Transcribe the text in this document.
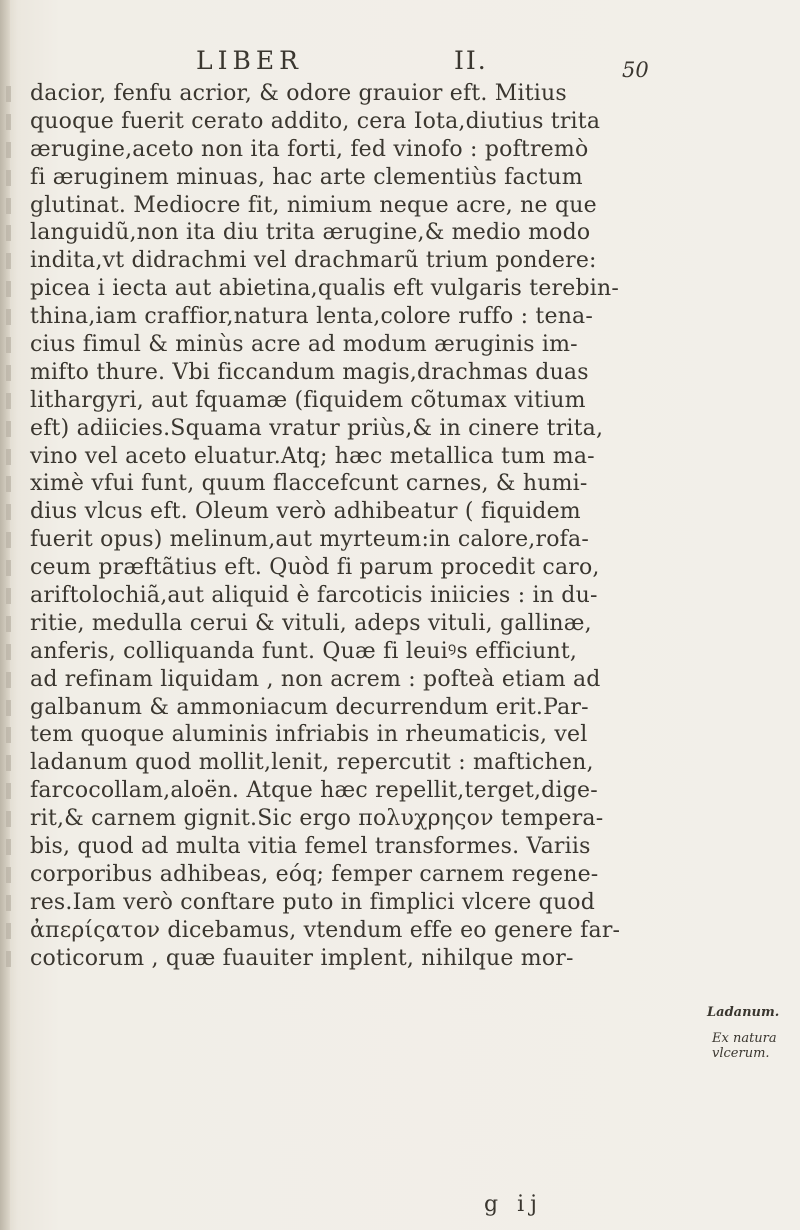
LIBER	II.	50
dacior, fenfu acrior, & odore grauior eft. Mitius
quoque fuerit cerato addito, cera Iota,diutius trita
ærugine,aceto non ita forti, fed vinofo : poftremò
fi æruginem minuas, hac arte clementiùs factum
glutinat. Mediocre fit, nimium neque acre, ne que
languidũ,non ita diu trita ærugine,& medio modo
indita,vt didrachmi vel drachmarũ trium pondere:
picea i iecta aut abietina,qualis eft vulgaris terebin-
thina,iam craffior,natura lenta,colore ruffo : tena-
cius fimul & minùs acre ad modum æruginis im-
mifto thure. Vbi ficcandum magis,drachmas duas
lithargyri, aut fquamæ (fiquidem cõtumax vitium
eft) adiicies.Squama vratur priùs,& in cinere trita,
vino vel aceto eluatur.Atq; hæc metallica tum ma-
ximè vfui funt, quum flaccefcunt carnes, & humi-
dius vlcus eft. Oleum verò adhibeatur ( fiquidem
fuerit opus) melinum,aut myrteum:in calore,rofa-
ceum præftãtius eft. Quòd fi parum procedit caro,
ariftolochiã,aut aliquid è farcoticis iniicies : in du-
ritie, medulla cerui & vituli, adeps vituli, gallinæ,
anferis, colliquanda funt. Quæ fi leuiꝰs efficiunt,
ad refinam liquidam , non acrem : pofteà etiam ad
galbanum & ammoniacum decurrendum erit.Par-
tem quoque aluminis infriabis in rheumaticis, vel
ladanum quod mollit,lenit, repercutit : maftichen,
farcocollam,aloën. Atque hæc repellit,terget,dige-
rit,& carnem gignit.Sic ergo πολυχρηςον tempera-
bis, quod ad multa vitia femel transformes. Variis
corporibus adhibeas, eóq; femper carnem regene-
res.Iam verò conftare puto in fimplici vlcere quod
ἀπερίςατον dicebamus, vtendum effe eo genere far-
coticorum , quæ fuauiter implent, nihilque mor-
Ladanum.
Ex natura
vlcerum.
g ij
